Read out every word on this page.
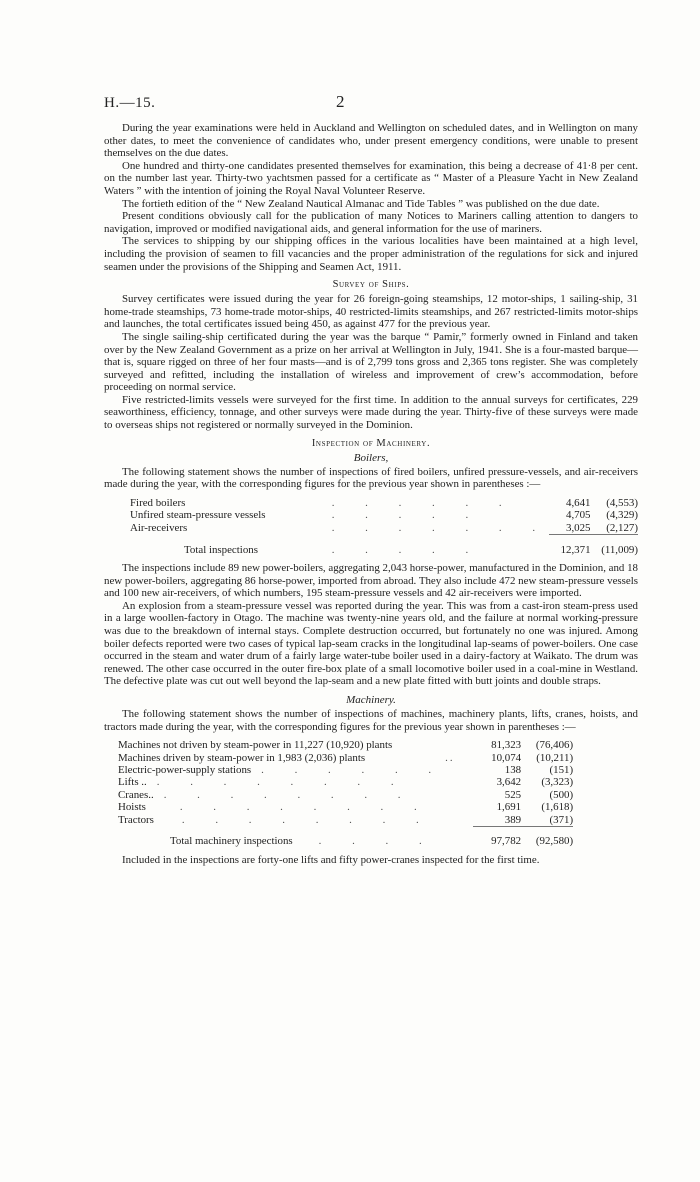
H.—15.	2

During the year examinations were held in Auckland and Wellington on scheduled dates, and in Wellington on many other dates, to meet the convenience of candidates who, under present emergency conditions, were unable to present themselves on the due dates.

One hundred and thirty-one candidates presented themselves for examination, this being a decrease of 41·8 per cent. on the number last year. Thirty-two yachtsmen passed for a certificate as “ Master of a Pleasure Yacht in New Zealand Waters ” with the intention of joining the Royal Naval Volunteer Reserve.

The fortieth edition of the “ New Zealand Nautical Almanac and Tide Tables ” was published on the due date.

Present conditions obviously call for the publication of many Notices to Mariners calling attention to dangers to navigation, improved or modified navigational aids, and general information for the use of mariners.

The services to shipping by our shipping offices in the various localities have been maintained at a high level, including the provision of seamen to fill vacancies and the proper administration of the regulations for sick and injured seamen under the provisions of the Shipping and Seamen Act, 1911.

Survey of Ships.

Survey certificates were issued during the year for 26 foreign-going steamships, 12 motor-ships, 1 sailing-ship, 31 home-trade steamships, 73 home-trade motor-ships, 40 restricted-limits steamships, and 267 restricted-limits motor-ships and launches, the total certificates issued being 450, as against 477 for the previous year.

The single sailing-ship certificated during the year was the barque “ Pamir,” formerly owned in Finland and taken over by the New Zealand Government as a prize on her arrival at Wellington in July, 1941. She is a four-masted barque—that is, square rigged on three of her four masts—and is of 2,799 tons gross and 2,365 tons register. She was completely surveyed and refitted, including the installation of wireless and improvement of crew’s accommodation, before proceeding on normal service.

Five restricted-limits vessels were surveyed for the first time. In addition to the annual surveys for certificates, 229 seaworthiness, efficiency, tonnage, and other surveys were made during the year. Thirty-five of these surveys were made to overseas ships not registered or normally surveyed in the Dominion.

Inspection of Machinery.
Boilers,

The following statement shows the number of inspections of fired boilers, unfired pressure-vessels, and air-receivers made during the year, with the corresponding figures for the previous year shown in parentheses :—

Fired boilers	. . . . . .	4,641	(4,553)
Unfired steam-pressure vessels	. . . . .	4,705	(4,329)
Air-receivers	. . . . . . .	3,025	(2,127)
Total inspections	. . . . .	12,371	(11,009)

The inspections include 89 new power-boilers, aggregating 2,043 horse-power, manufactured in the Dominion, and 18 new power-boilers, aggregating 86 horse-power, imported from abroad. They also include 472 new steam-pressure vessels and 100 new air-receivers, of which numbers, 195 steam-pressure vessels and 42 air-receivers were imported.

An explosion from a steam-pressure vessel was reported during the year. This was from a cast-iron steam-press used in a large woollen-factory in Otago. The machine was twenty-nine years old, and the failure at normal working-pressure was due to the breakdown of internal stays. Complete destruction occurred, but fortunately no one was injured. Among boiler defects reported were two cases of typical lap-seam cracks in the longitudinal lap-seams of power-boilers. One case occurred in the steam and water drum of a fairly large water-tube boiler used in a dairy-factory at Waikato. The drum was renewed. The other case occurred in the outer fire-box plate of a small locomotive boiler used in a coal-mine in Westland. The defective plate was cut out well beyond the lap-seam and a new plate fitted with butt joints and double straps.

Machinery.

The following statement shows the number of inspections of machines, machinery plants, lifts, cranes, hoists, and tractors made during the year, with the corresponding figures for the previous year shown in parentheses :—

Machines not driven by steam-power in 11,227 (10,920) plants		81,323	(76,406)
Machines driven by steam-power in 1,983 (2,036) plants	..	10,074	(10,211)
Electric-power-supply stations . . . . . .		138	(151)
Lifts .. . . . . . . . .		3,642	(3,323)
Cranes.. . . . . . . . .		525	(500)
Hoists . . . . . . . .		1,691	(1,618)
Tractors . . . . . . . .		389	(371)
Total machinery inspections . . . .		97,782	(92,580)

Included in the inspections are forty-one lifts and fifty power-cranes inspected for the first time.
